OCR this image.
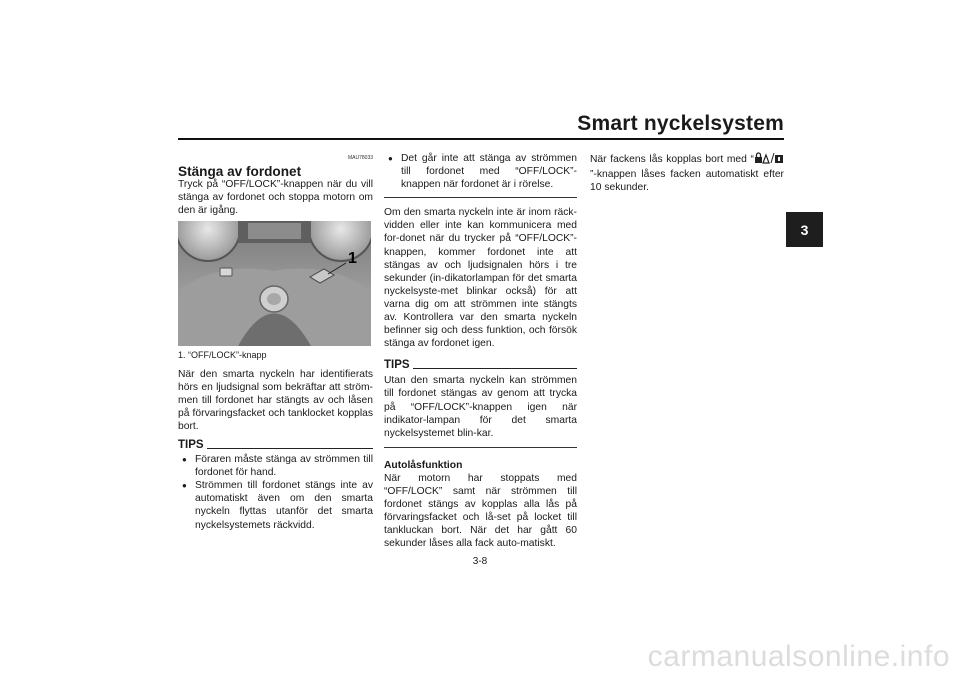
Smart nyckelsystem
3
MAU78033
Stänga av fordonet

Tryck på “OFF/LOCK”-knappen när du vill stänga av fordonet och stoppa motorn om den är igång.

1
1. “OFF/LOCK”-knapp

När den smarta nyckeln har identifierats hörs en ljudsignal som bekräftar att ström-men till fordonet har stängts av och låsen på förvaringsfacket och tanklocket kopplas bort.

TIPS
● Föraren måste stänga av strömmen till fordonet för hand.
● Strömmen till fordonet stängs inte av automatiskt även om den smarta nyckeln flyttas utanför det smarta nyckelsystemets räckvidd.
● Det går inte att stänga av strömmen till fordonet med “OFF/LOCK”-knappen när fordonet är i rörelse.

Om den smarta nyckeln inte är inom räck-vidden eller inte kan kommunicera med for-donet när du trycker på “OFF/LOCK”-knappen, kommer fordonet inte att stängas av och ljudsignalen hörs i tre sekunder (in-dikatorlampan för det smarta nyckelsyste-met blinkar också) för att varna dig om att strömmen inte stängts av. Kontrollera var den smarta nyckeln befinner sig och dess funktion, och försök stänga av fordonet igen.

TIPS

Utan den smarta nyckeln kan strömmen till fordonet stängas av genom att trycka på “OFF/LOCK”-knappen igen när indikator-lampan för det smarta nyckelsystemet blin-kar.

Autolåsfunktion

När motorn har stoppats med “OFF/LOCK” samt när strömmen till fordonet stängs av kopplas alla lås på förvaringsfacket och lå-set på locket till tankluckan bort. När det har gått 60 sekunder låses alla fack auto-matiskt.

När fackens lås kopplas bort med “”-knappen låses facken automatiskt efter 10 sekunder.

3-8
carmanualsonline.info
